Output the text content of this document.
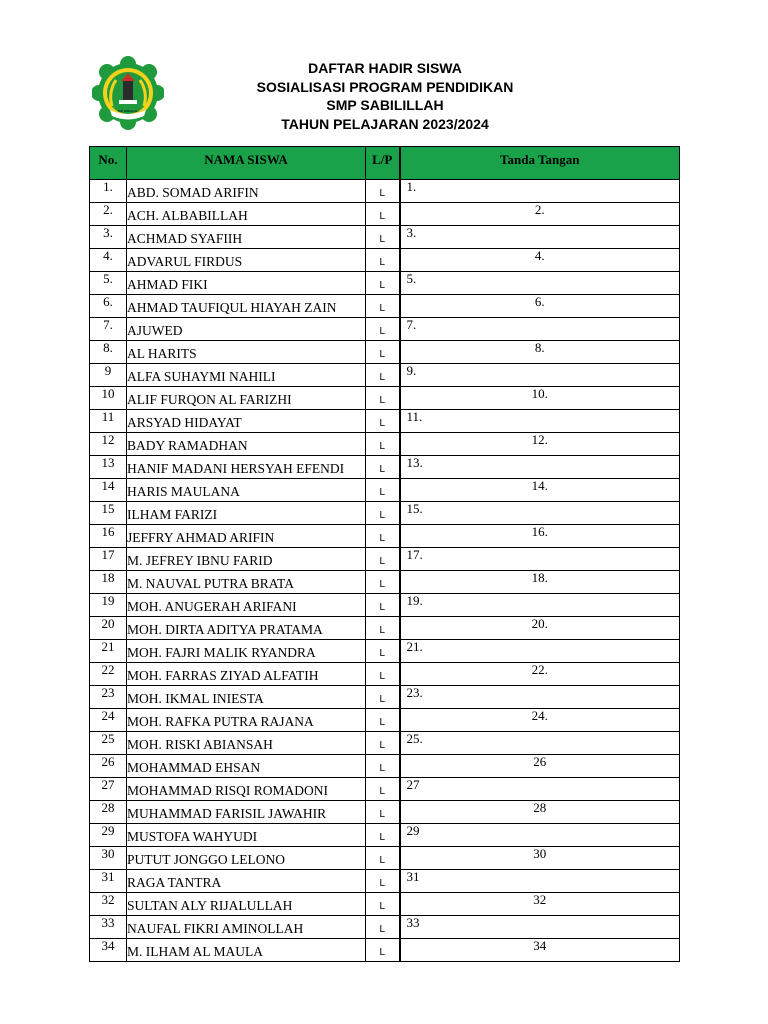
SMP SABILILLAH
DAFTAR HADIR SISWA
SOSIALISASI PROGRAM PENDIDIKAN
SMP SABILILLAH
TAHUN PELAJARAN 2023/2024
No.	NAMA SISWA	L/P	Tanda Tangan
1.	ABD. SOMAD ARIFIN	L	1.
2.	ACH. ALBABILLAH	L	2.
3.	ACHMAD SYAFIIH	L	3.
4.	ADVARUL FIRDUS	L	4.
5.	AHMAD FIKI	L	5.
6.	AHMAD TAUFIQUL HIAYAH ZAIN	L	6.
7.	AJUWED	L	7.
8.	AL HARITS	L	8.
9	ALFA SUHAYMI NAHILI	L	9.
10	ALIF FURQON AL FARIZHI	L	10.
11	ARSYAD HIDAYAT	L	11.
12	BADY RAMADHAN	L	12.
13	HANIF MADANI HERSYAH EFENDI	L	13.
14	HARIS MAULANA	L	14.
15	ILHAM FARIZI	L	15.
16	JEFFRY AHMAD ARIFIN	L	16.
17	M. JEFREY IBNU FARID	L	17.
18	M. NAUVAL PUTRA BRATA	L	18.
19	MOH. ANUGERAH ARIFANI	L	19.
20	MOH. DIRTA ADITYA PRATAMA	L	20.
21	MOH. FAJRI MALIK RYANDRA	L	21.
22	MOH. FARRAS ZIYAD ALFATIH	L	22.
23	MOH. IKMAL INIESTA	L	23.
24	MOH. RAFKA PUTRA RAJANA	L	24.
25	MOH. RISKI ABIANSAH	L	25.
26	MOHAMMAD EHSAN	L	26
27	MOHAMMAD RISQI ROMADONI	L	27
28	MUHAMMAD FARISIL JAWAHIR	L	28
29	MUSTOFA WAHYUDI	L	29
30	PUTUT JONGGO LELONO	L	30
31	RAGA TANTRA	L	31
32	SULTAN ALY RIJALULLAH	L	32
33	NAUFAL FIKRI AMINOLLAH	L	33
34	M. ILHAM AL MAULA	L	34
